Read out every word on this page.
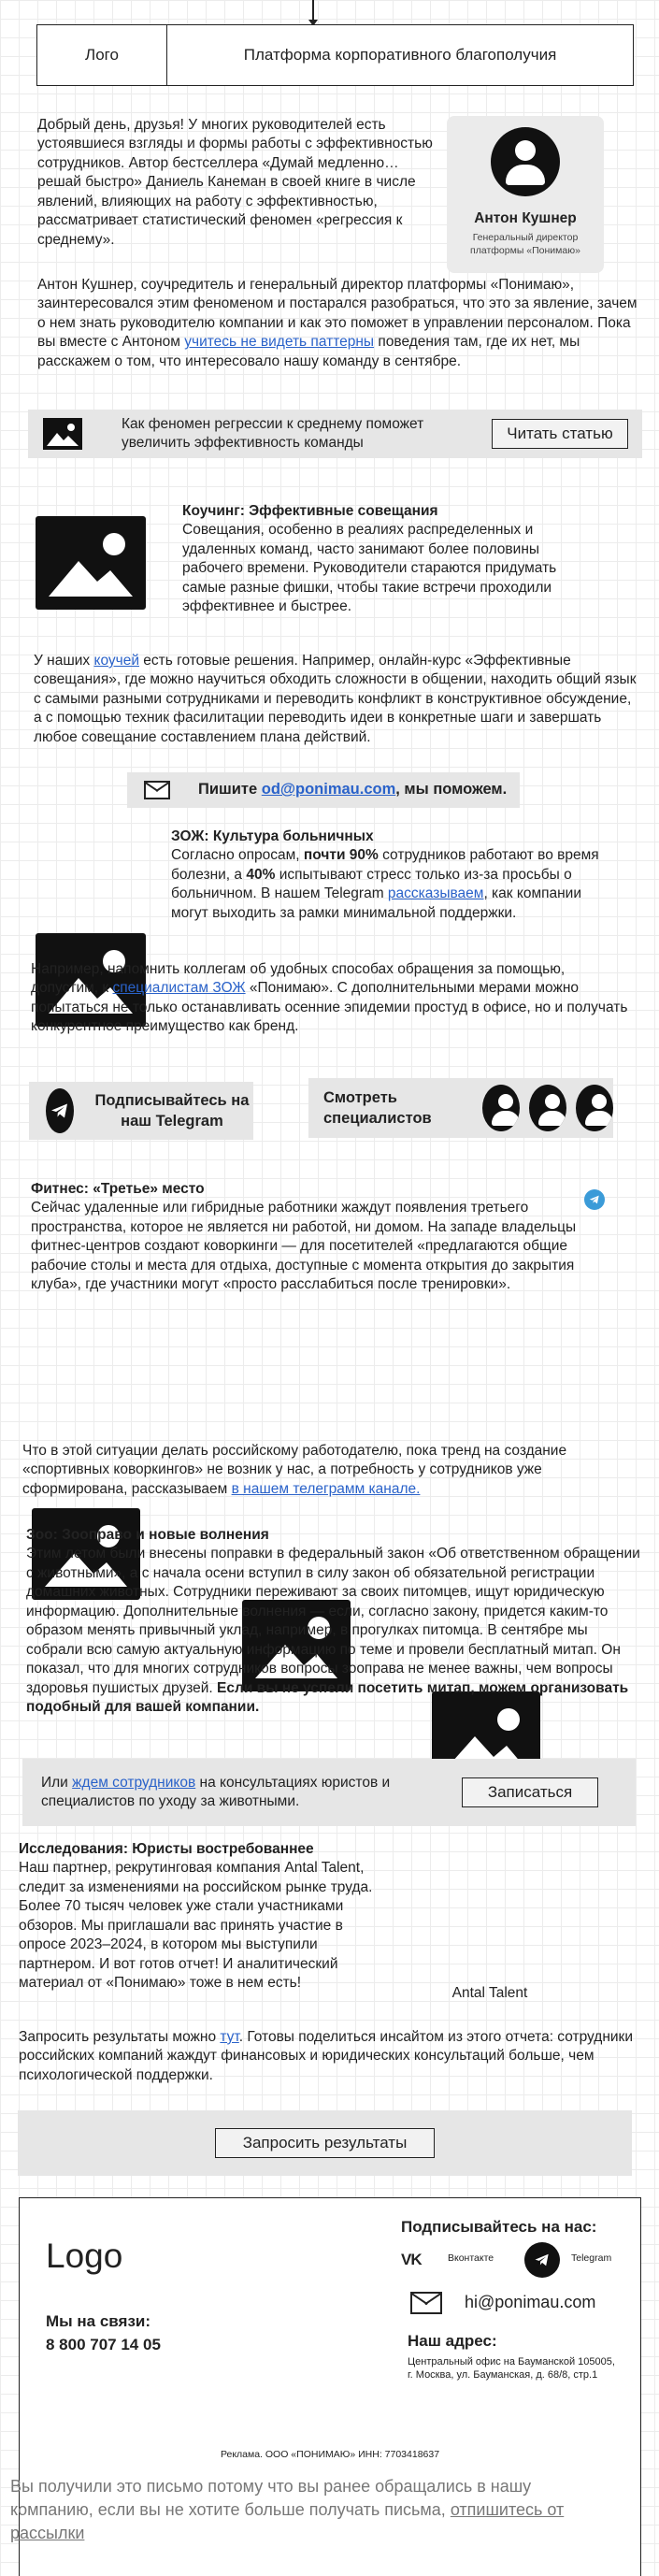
Лого	Платформа корпоративного благополучия
Добрый день, друзья! У многих руководителей есть устоявшиеся взгляды и формы работы с эффективностью сотрудников. Автор бестселлера «Думай медленно… решай быстро» Даниель Канеман в своей книге в числе явлений, влияющих на работу с эффективностью, рассматривает статистический феномен «регрессия к среднему».
Антон Кушнер
Генеральный директор платформы «Понимаю»
Антон Кушнер, соучредитель и генеральный директор платформы «Понимаю», заинтересовался этим феноменом и постарался разобраться, что это за явление, зачем о нем знать руководителю компании и как это поможет в управлении персоналом. Пока вы вместе с Антоном учитесь не видеть паттерны поведения там, где их нет, мы расскажем о том, что интересовало нашу команду в сентябре.
Как феномен регрессии к среднему поможет увеличить эффективность команды
Читать статью
Коучинг: Эффективные совещания
Совещания, особенно в реалиях распределенных и удаленных команд, часто занимают более половины рабочего времени. Руководители стараются придумать самые разные фишки, чтобы такие встречи проходили эффективнее и быстрее.
У наших коучей есть готовые решения. Например, онлайн-курс «Эффективные совещания», где можно научиться обходить сложности в общении, находить общий язык с самыми разными сотрудниками и переводить конфликт в конструктивное обсуждение, а с помощью техник фасилитации переводить идеи в конкретные шаги и завершать любое совещание составлением плана действий.
Пишите od@ponimau.com, мы поможем.
ЗОЖ: Культура больничных
Согласно опросам, почти 90% сотрудников работают во время болезни, а 40% испытывают стресс только из-за просьбы о больничном. В нашем Telegram рассказываем, как компании могут выходить за рамки минимальной поддержки.
Например, напомнить коллегам об удобных способах обращения за помощью, допустим, к специалистам ЗОЖ «Понимаю». С дополнительными мерами можно попытаться не только останавливать осенние эпидемии простуд в офисе, но и получать конкурентное преимущество как бренд.
Подписывайтесь на наш Telegram
Смотреть специалистов
Фитнес: «Третье» место
Сейчас удаленные или гибридные работники жаждут появления третьего пространства, которое не является ни работой, ни домом. На западе владельцы фитнес-центров создают коворкинги — для посетителей «предлагаются общие рабочие столы и места для отдыха, доступные с момента открытия до закрытия клуба», где участники могут «просто расслабиться после тренировки».
Что в этой ситуации делать российскому работодателю, пока тренд на создание «спортивных коворкингов» не возник у нас, а потребность у сотрудников уже сформирована, рассказываем в нашем телеграмм канале.
Зоо: Зооправо и новые волнения
Этим летом были внесены поправки в федеральный закон «Об ответственном обращении с животными», а с начала осени вступил в силу закон об обязательной регистрации домашних животных. Сотрудники переживают за своих питомцев, ищут юридическую информацию. Дополнительные волнения — если, согласно закону, придется каким-то образом менять привычный уклад, например, в прогулках питомца. В сентябре мы собрали всю самую актуальную информацию по теме и провели бесплатный митап. Он показал, что для многих сотрудников вопросы зооправа не менее важны, чем вопросы здоровья пушистых друзей. Если вы не успели посетить митап, можем организовать подобный для вашей компании.
Или ждем сотрудников на консультациях юристов и специалистов по уходу за животными.
Записаться
Исследования: Юристы востребованнее
Наш партнер, рекрутинговая компания Antal Talent, следит за изменениями на российском рынке труда. Более 70 тысяч человек уже стали участниками обзоров. Мы приглашали вас принять участие в опросе 2023–2024, в котором мы выступили партнером. И вот готов отчет! И аналитический материал от «Понимаю» тоже в нем есть!
Antal Talent
Запросить результаты можно тут. Готовы поделиться инсайтом из этого отчета: сотрудники российских компаний жаждут финансовых и юридических консультаций больше, чем психологической поддержки.
Запросить результаты
Logo
Мы на связи:
8 800 707 14 05
Подписывайтесь на нас:
VK	Вконтакте	Telegram
hi@ponimau.com
Наш адрес:
Центральный офис на Бауманской 105005, г. Москва, ул. Бауманская, д. 68/8, стр.1
Реклама. ООО «ПОНИМАЮ» ИНН: 7703418637
Вы получили это письмо потому что вы ранее обращались в нашу компанию, если вы не хотите больше получать письма, отпишитесь от рассылки
